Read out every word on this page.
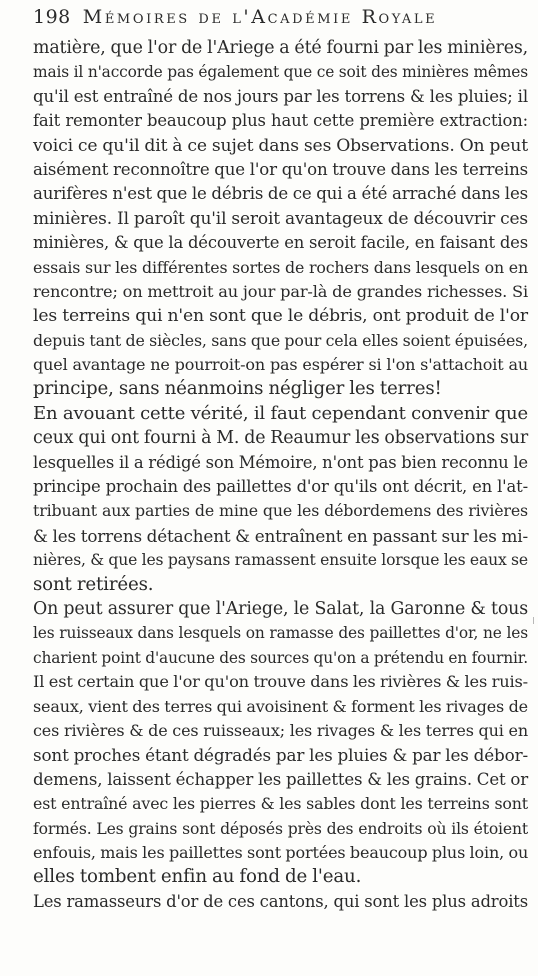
198 Mémoires de l'Académie Royale
matière, que l'or de l'Ariege a été fourni par les minières,
mais il n'accorde pas également que ce soit des minières mêmes
qu'il est entraîné de nos jours par les torrens & les pluies; il
fait remonter beaucoup plus haut cette première extraction:
voici ce qu'il dit à ce sujet dans ses Observations. On peut
aisément reconnoître que l'or qu'on trouve dans les terreins
aurifères n'est que le débris de ce qui a été arraché dans les
minières. Il paroît qu'il seroit avantageux de découvrir ces
minières, & que la découverte en seroit facile, en faisant des
essais sur les différentes sortes de rochers dans lesquels on en
rencontre; on mettroit au jour par-là de grandes richesses. Si
les terreins qui n'en sont que le débris, ont produit de l'or
depuis tant de siècles, sans que pour cela elles soient épuisées,
quel avantage ne pourroit-on pas espérer si l'on s'attachoit au
principe, sans néanmoins négliger les terres!
En avouant cette vérité, il faut cependant convenir que
ceux qui ont fourni à M. de Reaumur les observations sur
lesquelles il a rédigé son Mémoire, n'ont pas bien reconnu le
principe prochain des paillettes d'or qu'ils ont décrit, en l'at-
tribuant aux parties de mine que les débordemens des rivières
& les torrens détachent & entraînent en passant sur les mi-
nières, & que les paysans ramassent ensuite lorsque les eaux se
sont retirées.
On peut assurer que l'Ariege, le Salat, la Garonne & tous
les ruisseaux dans lesquels on ramasse des paillettes d'or, ne les
charient point d'aucune des sources qu'on a prétendu en fournir.
Il est certain que l'or qu'on trouve dans les rivières & les ruis-
seaux, vient des terres qui avoisinent & forment les rivages de
ces rivières & de ces ruisseaux; les rivages & les terres qui en
sont proches étant dégradés par les pluies & par les débor-
demens, laissent échapper les paillettes & les grains. Cet or
est entraîné avec les pierres & les sables dont les terreins sont
formés. Les grains sont déposés près des endroits où ils étoient
enfouis, mais les paillettes sont portées beaucoup plus loin, ou
elles tombent enfin au fond de l'eau.
Les ramasseurs d'or de ces cantons, qui sont les plus adroits
